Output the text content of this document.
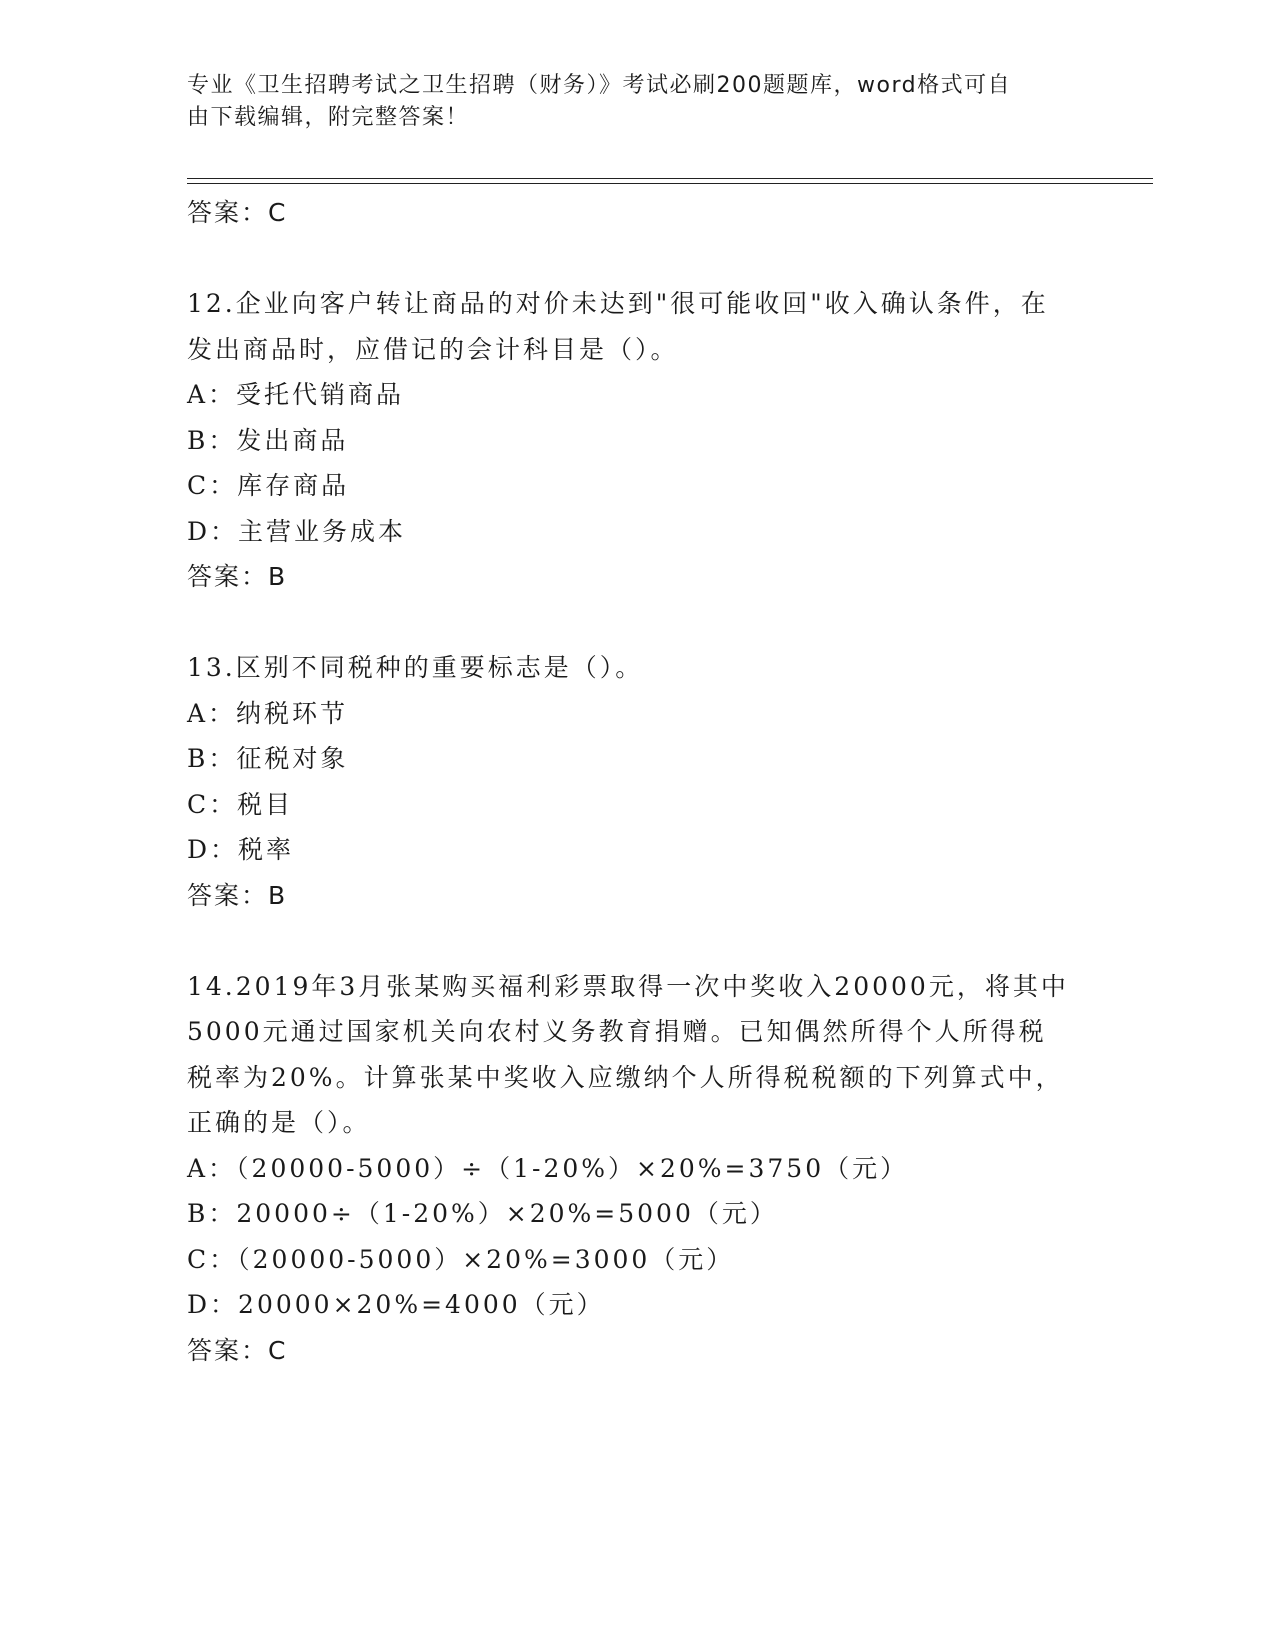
专业《卫生招聘考试之卫生招聘（财务）》考试必刷200题题库，word格式可自
由下载编辑，附完整答案！
答案：C
12.企业向客户转让商品的对价未达到"很可能收回"收入确认条件，在
发出商品时，应借记的会计科目是（）。
A：受托代销商品
B：发出商品
C：库存商品
D：主营业务成本
答案：B
13.区别不同税种的重要标志是（）。
A：纳税环节
B：征税对象
C：税目
D：税率
答案：B
14.2019年3月张某购买福利彩票取得一次中奖收入20000元，将其中
5000元通过国家机关向农村义务教育捐赠。已知偶然所得个人所得税
税率为20%。计算张某中奖收入应缴纳个人所得税税额的下列算式中，
正确的是（）。
A：（20000-5000）÷（1-20%）×20%=3750（元）
B：20000÷（1-20%）×20%=5000（元）
C：（20000-5000）×20%=3000（元）
D：20000×20%=4000（元）
答案：C
